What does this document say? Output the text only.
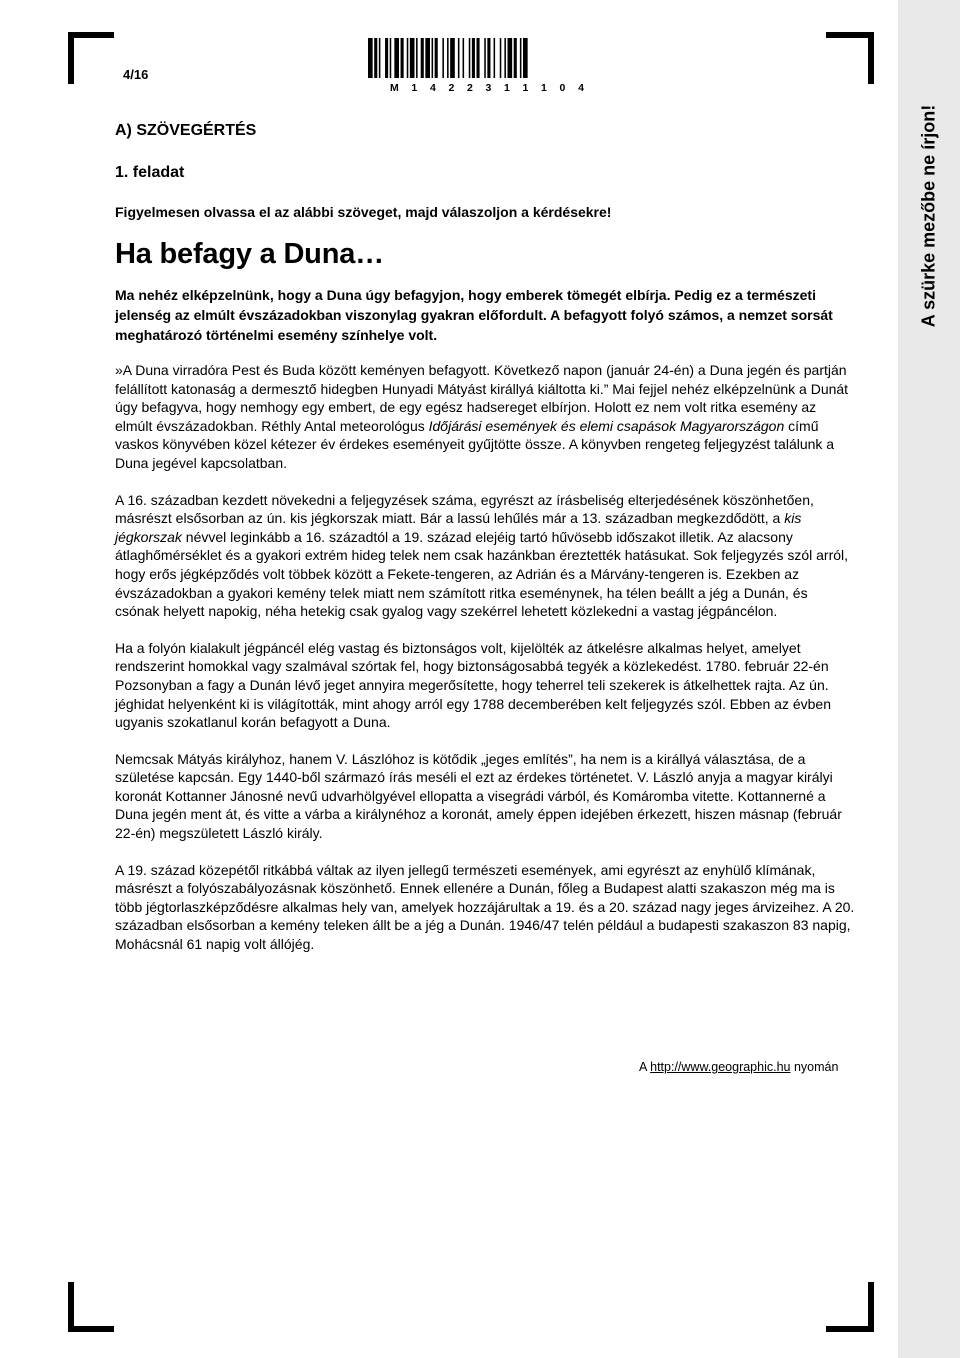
4/16
M 1 4 2 2 3 1 1 1 0 4
A szürke mezőbe ne írjon!
A) SZÖVEGÉRTÉS
1. feladat
Figyelmesen olvassa el az alábbi szöveget, majd válaszoljon a kérdésekre!
Ha befagy a Duna…
Ma nehéz elképzelnünk, hogy a Duna úgy befagyjon, hogy emberek tömegét elbírja. Pedig ez a természeti jelenség az elmúlt évszázadokban viszonylag gyakran előfordult. A befagyott folyó számos, a nemzet sorsát meghatározó történelmi esemény színhelye volt.
»A Duna virradóra Pest és Buda között keményen befagyott. Következő napon (január 24-én) a Duna jegén és partján felállított katonaság a dermesztő hidegben Hunyadi Mátyást királlyá kiáltotta ki.” Mai fejjel nehéz elképzelnünk a Dunát úgy befagyva, hogy nemhogy egy embert, de egy egész hadsereget elbírjon. Holott ez nem volt ritka esemény az elmúlt évszázadokban. Réthly Antal meteorológus Időjárási események és elemi csapások Magyarországon című vaskos könyvében közel kétezer év érdekes eseményeit gyűjtötte össze. A könyvben rengeteg feljegyzést találunk a Duna jegével kapcsolatban.
A 16. században kezdett növekedni a feljegyzések száma, egyrészt az írásbeliség elterjedésének köszönhetően, másrészt elsősorban az ún. kis jégkorszak miatt. Bár a lassú lehűlés már a 13. században megkezdődött, a kis jégkorszak névvel leginkább a 16. századtól a 19. század elejéig tartó hűvösebb időszakot illetik. Az alacsony átlaghőmérséklet és a gyakori extrém hideg telek nem csak hazánkban éreztették hatásukat. Sok feljegyzés szól arról, hogy erős jégképződés volt többek között a Fekete-tengeren, az Adrián és a Márvány-tengeren is. Ezekben az évszázadokban a gyakori kemény telek miatt nem számított ritka eseménynek, ha télen beállt a jég a Dunán, és csónak helyett napokig, néha hetekig csak gyalog vagy szekérrel lehetett közlekedni a vastag jégpáncélon.
Ha a folyón kialakult jégpáncél elég vastag és biztonságos volt, kijelölték az átkelésre alkalmas helyet, amelyet rendszerint homokkal vagy szalmával szórtak fel, hogy biztonságosabbá tegyék a közlekedést. 1780. február 22-én Pozsonyban a fagy a Dunán lévő jeget annyira megerősítette, hogy teherrel teli szekerek is átkelhettek rajta. Az ún. jéghidat helyenként ki is világították, mint ahogy arról egy 1788 decemberében kelt feljegyzés szól. Ebben az évben ugyanis szokatlanul korán befagyott a Duna.
Nemcsak Mátyás királyhoz, hanem V. Lászlóhoz is kötődik „jeges említés”, ha nem is a királlyá választása, de a születése kapcsán. Egy 1440-ből származó írás meséli el ezt az érdekes történetet. V. László anyja a magyar királyi koronát Kottanner Jánosné nevű udvarhölgyével ellopatta a visegrádi várból, és Komáromba vitette. Kottannerné a Duna jegén ment át, és vitte a várba a királynéhoz a koronát, amely éppen idejében érkezett, hiszen másnap (február 22-én) megszületett László király.
A 19. század közepétől ritkábbá váltak az ilyen jellegű természeti események, ami egyrészt az enyhülő klímának, másrészt a folyószabályozásnak köszönhető. Ennek ellenére a Dunán, főleg a Budapest alatti szakaszon még ma is több jégtorlaszképződésre alkalmas hely van, amelyek hozzájárultak a 19. és a 20. század nagy jeges árvizeihez. A 20. században elsősorban a kemény teleken állt be a jég a Dunán. 1946/47 telén például a budapesti szakaszon 83 napig, Mohácsnál 61 napig volt állójég.
A http://www.geographic.hu nyomán
